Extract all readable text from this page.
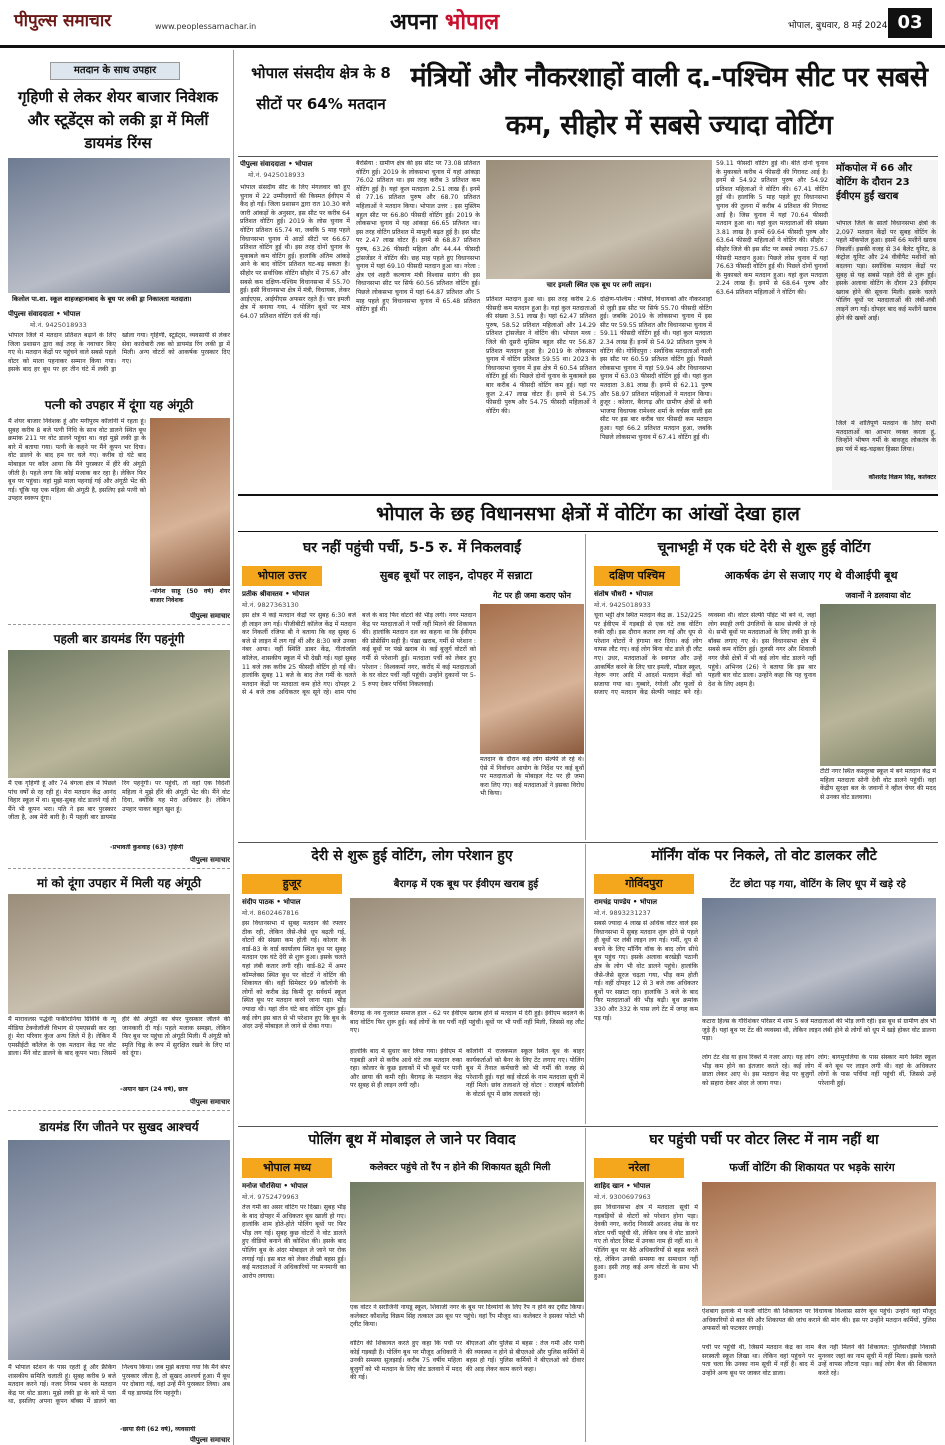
पीपुल्स समाचार	www.peoplessamachar.in	अपना भोपाल	भोपाल, बुधवार, 8 मई 2024 03
मतदान के साथ उपहार
गृहिणी से लेकर शेयर बाजार निवेशक और स्टूडेंट्स को लकी ड्रा में मिलीं डायमंड रिंग्स
किलोल पा.शा. स्कूल शाहजहानाबाद के बूथ पर लकी ड्रा निकालता मतदाता।
पीपुल्स संवाददाता • भोपाल
मो.नं. 9425018933
भोपाल जिले में मतदान प्रतिशत बढ़ाने के लिए जिला प्रशासन द्वारा कई तरह के नवाचार किए गए थे। मतदान केंद्रों पर पहुंचने वाले सबसे पहले वोटर को माला पहनाकर सम्मान किया गया। इसके बाद हर बूथ पर हर तीन घंटे में लकी ड्रा खोला गया। गृहिणी, स्टूडेंट्स, व्यवसायी से लेकर सेवा कारोबारी तक को डायमंड रिंग लकी ड्रा में मिली। अन्य वोटरों को आकर्षक पुरस्कार दिए गए।
पत्नी को उपहार में दूंगा यह अंगूठी
मैं शेयर बाजार निवेशक हूं और मनीपुरम कॉलोनी में रहता हूं। सुबह करीब 8 बजे पत्नी निधि के साथ वोट डालने स्थित बूथ क्रमांक 211 पर वोट डालने पहुंचा था। वहां मुझे लकी ड्रा के बारे में बताया गया। पत्नी के कहने पर मैंने कूपन भर दिया। वोट डालने के बाद हम घर चले गए। करीब दो घंटे बाद मोबाइल पर कॉल आया कि मैंने पुरस्कार में हीरे की अंगूठी जीती है। पहले लगा कि कोई मजाक कर रहा है। लेकिन फिर बूथ पर पहुंचा। वहां मुझे माला पहनाई गई और अंगूठी भेंट की गई। चूंकि यह एक महिला की अंगूठी है, इसलिए इसे पत्नी को उपहार स्वरूप दूंगा।
-योगेश साहू (50 वर्ष) शेयर बाजार निवेशक
पीपुल्स समाचार
पहली बार डायमंड रिंग पहनूंगी
मैं एक गृहिणी हूं और 74 बंगला क्षेत्र में पिछले पांच वर्षों से रह रही हूं। मेरा मतदान केंद्र आनंद विहार स्कूल में था। सुबह-सुबह वोट डालने गई तो मैंने भी कूपन भरा। पति ने इस बार पुरस्कार जीता है, अब मेरी बारी है। मैं पहली बार डायमंड रिंग पहनूंगी। पर पहुंची, तो वहां एक विदेशी महिला ने मुझे हीरे की अंगूठी भेंट की। मैंने वोट दिया, क्योंकि यह मेरा अधिकार है। लेकिन उपहार पाकर बहुत खुश हूं।
-प्रभावती कुशवाह (63) गृहिणी
पीपुल्स समाचार
मां को दूंगा उपहार में मिली यह अंगूठी
मैं मारावलस पद्धेवी फकीरानिया ग्रिविवि के न्यू मीडिया टेक्नोलॉजी विभाग से एमएससी कर रहा हूं। मेरा परिवार कुंज अन्य जिले में है। लेकिन मैं एमसीईटी कॉलेज के एक मतदान केंद्र पर वोट डाला। मैंने वोट डालने के बाद कूपन भरा। जिसमें हीरे की अंगूठी का बंपर पुरस्कार जीतने की जानकारी दी गई। पहले मजाक समझा, लेकिन फिर बूथ पर पहुंचा तो अंगूठी मिली। मैं अंगूठी को स्मृति चिह्न के रूप में सुरक्षित रखने के लिए मां को दूंगा।
-अयान खान (24 वर्ष), छात्र
पीपुल्स समाचार
डायमंड रिंग जीतने पर सुखद आश्चर्य
मैं भोपाल स्टेशन के पास रहती हूं और फ्रैंकिंग शासकीय समिति चलाती हूं। सुबह करीब 9 बजे मतदान करने गई। नजर निगम भवन के मतदान केंद्र पर वोट डाला। मुझे लकी ड्रा के बारे में पता था, इसलिए अपना कूपन बॉक्स में डालने का निश्चय किया। जब मुझे बताया गया कि मैंने बंपर पुरस्कार जीता है, तो सुखद आश्चर्य हुआ। मैं बूथ पर दोबारा गई, वहां उन्हें मैंने पुरस्कार लिया। अब मैं यह डायमंड रिंग पहनूंगी।
-छाया सैनी (62 वर्ष), व्यवसायी
पीपुल्स समाचार
भोपाल संसदीय क्षेत्र के 8 सीटों पर 64% मतदान
मंत्रियों और नौकरशाहों वाली द.-पश्चिम सीट पर सबसे कम, सीहोर में सबसे ज्यादा वोटिंग
पीपुल्स संवाददाता • भोपाल
मो.नं. 9425018933
भोपाल संसदीय सीट के लिए मंगलवार को हुए चुनाव में 22 उम्मीदवारों की किस्मत ईवीएम में कैद हो गई। जिला प्रशासन द्वारा रात 10.30 बजे जारी आंकड़ों के अनुसार, इस सीट पर करीब 64 प्रतिशत वोटिंग हुई। 2019 के लोस चुनाव में वोटिंग प्रतिशत 65.74 था, जबकि 5 माह पहले विधानसभा चुनाव में आठों सीटों पर 66.67 प्रतिशत वोटिंग हुई थी। इस तरह दोनों चुनाव के मुकाबले कम वोटिंग हुई। हालांकि अंतिम आंकड़े आने के बाद वोटिंग प्रतिशत घट-बढ़ सकता है। सीहोर पर सर्वाधिक वोटिंग सीहोर में 75.67 और सबसे कम दक्षिण-पश्चिम विधानसभा में 55.70 हुई। इसी विधानसभा क्षेत्र में मंत्री, विधायक, लेकर आईएएस, आईपीएस अफसर रहते हैं। चार इमली क्षेत्र में बनाया गया, 4 पोलिंग बूथों पर मात्र 64.07 प्रतिशत वोटिंग दर्ज की गई।
बैरसिया : ग्रामीण क्षेत्र की इस सीट पर 73.08 प्रतिशत वोटिंग हुई। 2019 के लोकसभा चुनाव में यहां आंकड़ा 76.02 प्रतिशत था। इस तरह करीब 3 प्रतिशत कम वोटिंग हुई है। यहां कुल मतदाता 2.51 लाख हैं। इनमें से 77.16 प्रतिशत पुरुष और 68.70 प्रतिशत महिलाओं ने मतदान किया। भोपाल उत्तर : इस मुस्लिम बहुल सीट पर 66.80 फीसदी वोटिंग हुई। 2019 के लोकसभा चुनाव में यह आंकड़ा 66.65 प्रतिशत था। इस तरह वोटिंग प्रतिशत में मामूली बढ़त हुई है। इस सीट पर 2.47 लाख वोटर हैं। इनमें से 68.87 प्रतिशत पुरुष, 63.26 फीसदी महिला और 44.44 फीसदी ट्रांसजेंडर ने वोटिंग की। छह माह पहले हुए विधानसभा चुनाव में यहां 69.10 फीसदी मतदान हुआ था। नरेला : क्षेत्र एवं शहरी कल्याण मंत्री विश्वास सारंग की इस विधानसभा सीट पर सिर्फ 60.56 प्रतिशत वोटिंग हुई। पिछले लोकसभा चुनाव में यहां 64.87 प्रतिशत और 5 माह पहले हुए विधानसभा चुनाव में 65.48 प्रतिशत वोटिंग हुई थी।
चार इमली स्थित एक बूथ पर लगी लाइन।
प्रतिशत मतदान हुआ था। इस तरह करीब 2.6 फीसदी कम मतदान हुआ है। यहां कुल मतदाताओं की संख्या 3.51 लाख है। यहां 62.47 प्रतिशत पुरुष, 58.52 प्रतिशत महिलाओं और 14.29 प्रतिशत ट्रांसजेंडर ने वोटिंग की। भोपाल मध्य : जिले की दूसरी मुस्लिम बहुल सीट पर 56.87 प्रतिशत मतदान हुआ है। 2019 के लोकसभा चुनाव में वोटिंग प्रतिशत 59.55 था। 2023 के विधानसभा चुनाव में इस क्षेत्र में 60.54 प्रतिशत वोटिंग हुई थी। पिछले दोनों चुनाव के मुकाबले इस बार करीब 4 फीसदी वोटिंग कम हुई। यहां पर कुल 2.47 लाख वोटर हैं। इनमें से 54.75 फीसदी पुरुष और 54.75 फीसदी महिलाओं ने वोटिंग की।
दक्षिण-पश्चिम : मंत्रियों, विधायकों और नौकरशाहों से जुड़ी इस सीट पर सिर्फ 55.70 फीसदी वोटिंग हुई। जबकि 2019 के लोकसभा चुनाव में इस सीट पर 59.55 प्रतिशत और विधानसभा चुनाव में 59.11 फीसदी वोटिंग हुई थी। यहां कुल मतदाता 2.34 लाख हैं। इनमें से 54.92 प्रतिशत पुरुष ने वोटिंग की। गोविंदपुरा : सर्वाधिक मतदाताओं वाली इस सीट पर 60.59 प्रतिशत वोटिंग हुई। पिछले लोकसभा चुनाव में यहां 59.94 और विधानसभा चुनाव में 63.03 फीसदी वोटिंग हुई थी। यहां कुल मतदाता 3.81 लाख हैं। इनमें से 62.11 पुरुष और 58.97 प्रतिशत महिलाओं ने मतदान किया। हुजूर : कोलार, बैरागढ़ और ग्रामीण क्षेत्रों से बनी भाजपा विधायक रामेश्वर शर्मा के वर्चस्व वाली इस सीट पर इस बार करीब चार फीसदी कम मतदान हुआ। यहां 66.2 प्रतिशत मतदान हुआ, जबकि पिछले लोकसभा चुनाव में 67.41 वोटिंग हुई थी।
59.11 फीसदी वोटिंग हुई थी। बीते दोनों चुनाव के मुकाबले करीब 4 फीसदी की गिरावट आई है। इनमें से 54.92 प्रतिशत पुरुष और 54.92 प्रतिशत महिलाओं ने वोटिंग की। 67.41 वोटिंग हुई थी। हालांकि 5 माह पहले हुए विधानसभा चुनाव की तुलना में करीब 4 प्रतिशत की गिरावट आई है। जिस चुनाव में यहां 70.64 फीसदी मतदान हुआ था। यहां कुल मतदाताओं की संख्या 3.81 लाख है। इनमें 69.64 फीसदी पुरुष और 63.64 फीसदी महिलाओं ने वोटिंग की। सीहोर : सीहोर जिले की इस सीट पर सबसे ज्यादा 75.67 फीसदी मतदान हुआ। पिछले लोस चुनाव में यहां 76.63 फीसदी वोटिंग हुई थी। पिछले दोनों चुनावों के मुकाबले कम मतदान हुआ। यहां कुल मतदाता 2.24 लाख हैं। इनमें से 68.64 पुरुष और 63.64 प्रतिशत महिलाओं ने वोटिंग की।
मॉकपोल में 66 और वोटिंग के दौरान 23 ईवीएम हुईं खराब
भोपाल जिले के सातों विधानसभा क्षेत्रों के 2,097 मतदान केंद्रों पर सुबह वोटिंग के पहले मॉकपोल हुआ। इसमें 66 मशीनें खराब निकलीं। इसकी वजह से 34 बैलेट यूनिट, 8 कंट्रोल यूनिट और 24 वीवीपैट मशीनों को बदलना पड़ा। सर्वाधिक मतदान केंद्रों पर सुबह से यह सबसे पहले देरी से शुरू हुई। इसके अलावा वोटिंग के दौरान 23 ईवीएम खराब होने की सूचना मिली। इसके चलते पोलिंग बूथों पर मतदाताओं की लंबी-लंबी लाइनें लग गईं। दोपहर बाद कई मशीनें खराब होने की खबरें आईं।
जिले में शांतिपूर्ण मतदान के लिए सभी मतदाताओं का आभार व्यक्त करता हूं, जिन्होंने भीषण गर्मी के बावजूद लोकतंत्र के इस पर्व में बढ़-चढ़कर हिस्सा लिया।
कौशलेंद्र विक्रम सिंह, कलेक्टर
भोपाल के छह विधानसभा क्षेत्रों में वोटिंग का आंखों देखा हाल
घर नहीं पहुंची पर्ची, 5-5 रु. में निकलवाईं
भोपाल उत्तर	सुबह बूथों पर लाइन, दोपहर में सन्नाटा
प्रतीक श्रीवास्तव • भोपाल
मो.नं. 9827363130
इस क्षेत्र में कई मतदान केंद्रों पर सुबह 6:30 बजे ही लाइन लग गई। पीजीबीटी कॉलेज केंद्र में मतदान कर निकलीं रजिया बी ने बताया कि वह सुबह 6 बजे से लाइन में लग गई थीं और 8:30 बजे उनका नंबर आया। वहीं स्थिति डाबर केंद्र, गीतांजलि कॉलेज, शासकीय स्कूल में भी देखी गई। यहां सुबह 11 बजे तक करीब 25 फीसदी वोटिंग हो गई थी। हालांकि सुबह 11 बजे के बाद तेज गर्मी के चलते मतदान केंद्रों पर मतदाता कम होते गए। दोपहर 2 से 4 बजे तक अधिकतर बूथ सूने रहे। शाम पांच बजे के बाद फिर वोटरों की भीड़ लगी। नगर मतदान केंद्र पर मतदाताओं ने पर्ची नहीं मिलने की शिकायत की। हालांकि मतदान दल का कहना था कि ईवीएम की प्रोसेसिंग सही है। पंखा खराब, गर्मी से परेशान : कई बूथों पर पंखे खराब थे। कई बुजुर्ग वोटरों को गर्मी से परेशानी हुई। मतदाता पर्ची को लेकर हुए परेशान : विश्वकर्मा नगर, करोंद में कई मतदाताओं के घर वोटर पर्ची नहीं पहुंची। उन्होंने दुकानों पर 5-5 रुपए देकर पर्चियां निकलवाईं।
गेट पर ही जमा कराए फोन
मतदान के दौरान कई लोग सेल्फी ले रहे थे। ऐसे में निर्वाचन आयोग के निर्देश पर कई बूथों पर मतदाताओं के मोबाइल गेट पर ही जमा करा लिए गए। कई मतदाताओं ने इसका विरोध भी किया।
चूनाभट्टी में एक घंटे देरी से शुरू हुई वोटिंग
दक्षिण पश्चिम	आकर्षक ढंग से सजाए गए थे वीआईपी बूथ
संतोष चौधरी • भोपाल
मो.नं. 9425018933
चूना भट्टी क्षेत्र स्थित मतदान केंद्र क्र. 152/225 पर ईवीएम में गड़बड़ी से एक घंटे तक वोटिंग रुकी रही। इस दौरान कतार लग गई और धूप से परेशान वोटरों ने हंगामा कर दिया। कई लोग वापस लौट गए। कई लोग बिना वोट डाले ही लौट गए। उधर, मतदाताओं के स्वागत और उन्हें आकर्षित करने के लिए चार इमली, मॉडल स्कूल, नेहरू नगर आदि में आदर्श मतदान केंद्रों को सजाया गया था। गुब्बारे, रंगोली और फूलों से सजाए गए मतदान केंद्र सेल्फी प्वाइंट बने रहे। व्यवस्था थी। वोटर सेल्फी पॉइंट भी बने थे, जहां लोग स्याही लगी उंगलियों के साथ सेल्फी ले रहे थे। सभी बूथों पर मतदाताओं के लिए लकी ड्रा के बॉक्स लगाए गए थे। इस विधानसभा क्षेत्र में सबसे कम वोटिंग हुई। तुलसी नगर और शिवाजी नगर जैसे क्षेत्रों में भी कई लोग वोट डालने नहीं पहुंचे। अभिनव (26) ने बताया कि इस बार पहली बार वोट डाला। उन्होंने कहा कि यह चुनाव देश के लिए अहम है।
जवानों ने डलवाया वोट
टीटी नगर स्थित कस्तूरबा स्कूल में बने मतदान केंद्र में महिला मतदाता सोनी देवी वोट डालने पहुंचीं। वहां केंद्रीय सुरक्षा बल के जवानों ने व्हील चेयर की मदद से उनका वोट डलवाया।
देरी से शुरू हुई वोटिंग, लोग परेशान हुए
हुजूर	बैरागढ़ में एक बूथ पर ईवीएम खराब हुई
संदीप पाठक • भोपाल
मो.नं. 8602467816
इस विधानसभा में सुबह मतदान की रफ्तार ठीक रही, लेकिन जैसे-जैसे धूप बढ़ती गई, वोटरों की संख्या कम होती गई। कोलार के वार्ड-83 के वार्ड कार्यालय स्थित बूथ पर सुबह मतदान एक घंटे देरी से शुरू हुआ। इसके चलते यहां लंबी कतार लगी रही। वार्ड-82 में अमर कॉम्प्लेक्स स्थित बूथ पर वोटरों ने वोटिंग की शिकायत की। वहीं सिमेस्टर 99 कॉलोनी के लोगों को करीब डेढ़ किमी दूर सर्वधर्म स्कूल स्थित बूथ पर मतदान करने जाना पड़ा। भीड़ ज्यादा थी। यहां तीन घंटे बाद वोटिंग शुरू हुई। कई लोग इस बात से भी परेशान हुए कि बूथ के अंदर उन्हें मोबाइल ले जाने से रोका गया।
बैरागढ़ के नव गुजरात समाज हाल - 62 पर ईवीएम खराब होने से मतदान में देरी हुई। ईवीएम बदलने के बाद वोटिंग फिर शुरू हुई। कई लोगों के घर पर्ची नहीं पहुंची। बूथों पर भी पर्ची नहीं मिली, जिससे वह लौट गए।
हालांकि बाद में सुधार कर लिया गया। ईवीएम में गड़बड़ी आने से करीब आधे घंटे तक मतदान रुका रहा। कोलार के कुछ इलाकों में भी बूथों पर पानी और छाया की कमी रही। बैरागढ़ के मतदान केंद्र पर सुबह से ही लाइन लगी रही।
कॉलोनी में राजकमल स्कूल स्थित बूथ के बाहर कार्यकर्ताओं को बैनर के लिए टेंट लगाए गए। पोलिंग बूथ में तैनात कर्मचारी को भी गर्मी की वजह से परेशानी हुई। यहां कई वोटर्स के नाम मतदाता सूची में नहीं मिले। छांव तलाशते रहे वोटर : राजहर्ष कॉलोनी के वोटर्स धूप में छांव तलाशते रहे।
मॉर्निंग वॉक पर निकले, तो वोट डालकर लौटे
गोविंदपुरा	टेंट छोटा पड़ गया, वोटिंग के लिए धूप में खड़े रहे
रामचंद्र पाण्डेय • भोपाल
मो.नं. 9893231237
सबसे ज्यादा 4 लाख से अधिक वोटर वाले इस विधानसभा में सुबह मतदान शुरू होने से पहले ही बूथों पर लंबी लाइन लग गई। गर्मी, धूप से बचने के लिए मॉर्निंग वॉक के बाद लोग सीधे बूथ पहुंच गए। इसके अलावा बरखेड़ी पठानी क्षेत्र के लोग भी वोट डालने पहुंचे। हालांकि जैसे-जैसे सूरज चढ़ता गया, भीड़ कम होती गई। वहीं दोपहर 12 से 3 बजे तक अधिकतर बूथों पर सन्नाटा रहा। हालांकि 3 बजे के बाद फिर मतदाताओं की भीड़ बढ़ी। बूथ क्रमांक 330 और 332 के पास लगे टेंट में जगह कम पड़ गई।	कटारा हिल्स के गौरीशंकर परिसर में शाम 5 बजे मतदाताओं की भीड़ लगी रही। इस बूथ से ग्रामीण क्षेत्र भी जुड़े हैं। यहां बूथ पर टेंट की व्यवस्था थी, लेकिन लाइन लंबी होने से लोगों को धूप में खड़े होकर वोट डालना पड़ा।
लोग टेंट शेड या हाथ रिक्शे में नजर आए। यह लोग भीड़ कम होने का इंतजार करते रहे। कई लोग छाता लेकर आए थे। इस मतदान केंद्र पर बुजुर्गों को सहारा देकर अंदर ले जाया गया।
लोग: बागमुगलिया के पास संस्कार मार्ग स्थित स्कूल में बने बूथ पर लाइन लगी थी। वहां के अधिकतर लोगों के पास पर्चियां नहीं पहुंची थीं, जिससे उन्हें परेशानी हुई।
पोलिंग बूथ में मोबाइल ले जाने पर विवाद
भोपाल मध्य	कलेक्टर पहुंचे तो रैंप न होने की शिकायत झूठी मिली
मनोज चौरसिया • भोपाल
मो.नं. 9752479963
तेज गर्मी का असर वोटिंग पर दिखा। सुबह भीड़ के बाद दोपहर में अधिकतर बूथ खाली हो गए। हालांकि शाम होते-होते पोलिंग बूथों पर फिर भीड़ लग गई। सुबह कुछ वोटरों ने वोट डालते हुए वीडियो बनाने की कोशिश की। इसके बाद पोलिंग बूथ के अंदर मोबाइल ले जाने पर रोक लगाई गई। इस बात को लेकर तीखी बहस हुई। कई मतदाताओं ने अधिकारियों पर मनमानी का आरोप लगाया।
एक वोटर ने सरोजिनी नायडू स्कूल, शिवाजी नगर के बूथ पर दिव्यांगों के लिए रैंप न होने का ट्वीट किया। कलेक्टर कौशलेंद्र विक्रम सिंह तत्काल उस बूथ पर पहुंचे। वहां रैंप मौजूद था। कलेक्टर ने इसका फोटो भी ट्वीट किया।
वोटिंग की शिकायत करते हुए कहा कि पर्ची पर कोई गड़बड़ी है। पोलिंग बूथ पर मौजूद अधिकारी ने उनकी समस्या सुलझाई। करीब 75 वर्षीय महिला बुजुर्गों को भी मतदान के लिए वोट डलवाने में मदद की गई।
बीएलओ और पुलिस में बहस : तेज गर्मी और पानी की व्यवस्था न होने से बीएलओ और पुलिस कर्मियों में बहस हो गई। पुलिस कर्मियों ने बीएलओ को दीवार की आड़ लेकर काम करने कहा।
घर पहुंची पर्ची पर वोटर लिस्ट में नाम नहीं था
नरेला	फर्जी वोटिंग की शिकायत पर भड़के सारंग
शाहिद खान • भोपाल
मो.नं. 9300697963
इस विधानसभा क्षेत्र में मतदाता सूची में गड़बड़ियों से वोटरों को परेशान होना पड़ा। देवकी नगर, करोंद निवासी अरशद शेख के घर वोटर पर्ची पहुंची थी, लेकिन जब वे वोट डालने गए तो वोटर लिस्ट में उनका नाम ही नहीं था। वे पोलिंग बूथ पर बैठे अधिकारियों से बहस करते रहे, लेकिन उनकी समस्या का समाधान नहीं हुआ। इसी तरह कई अन्य वोटरों के साथ भी हुआ।
ऐशबाग इलाके में फर्जी वोटिंग की शिकायत पर विधायक विश्वास सारंग बूथ पहुंचे। उन्होंने वहां मौजूद अधिकारियों से बात की और शिकायत की जांच कराने की मांग की। इस पर उन्होंने मतदान कर्मियों, पुलिस अफसरों को फटकार लगाई।
पर्ची पर पहुंची थी, जिसमें मतदान केंद्र का नाम सरस्वती स्कूल लिखा था। लेकिन वहां पहुंचने पर पता चला कि उनका नाम सूची में नहीं है। बाद में उन्होंने अन्य बूथ पर जाकर वोट डाला।
बैज नहीं मिलने की शिकायत: पुलिसचौड़ी निवासी मुनव्वर जहां का नाम सूची में नहीं मिला। इसके चलते उन्हें वापस लौटना पड़ा। कई लोग बैज की शिकायत करते रहे।
